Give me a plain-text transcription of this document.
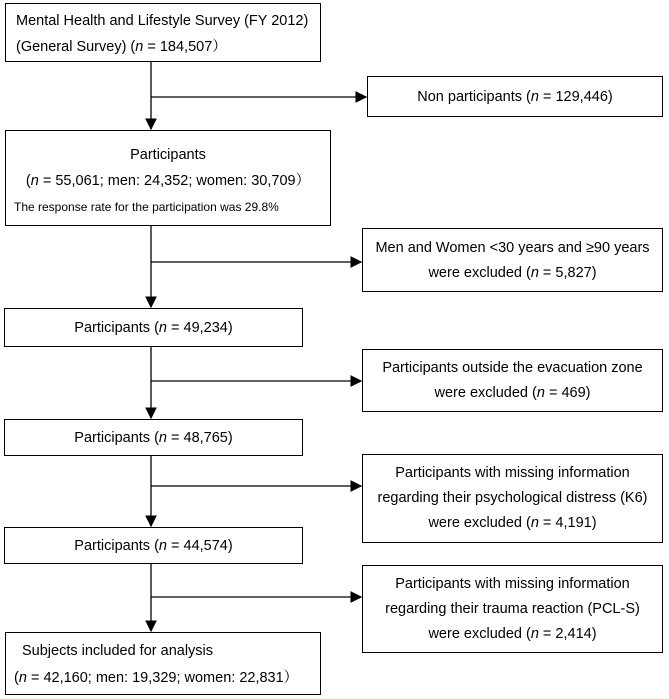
Mental Health and Lifestyle Survey (FY 2012)
(General Survey) (n = 184,507）
Non participants (n = 129,446)
Participants
(n = 55,061; men: 24,352; women: 30,709）
The response rate for the participation was 29.8%
Men and Women <30 years and ≥90 years
were excluded (n = 5,827)
Participants (n = 49,234)
Participants outside the evacuation zone
were excluded (n = 469)
Participants (n = 48,765)
Participants with missing information
regarding their psychological distress (K6)
were excluded (n = 4,191)
Participants (n = 44,574)
Participants with missing information
regarding their trauma reaction (PCL-S)
were excluded (n = 2,414)
Subjects included for analysis
(n = 42,160; men: 19,329; women: 22,831）
